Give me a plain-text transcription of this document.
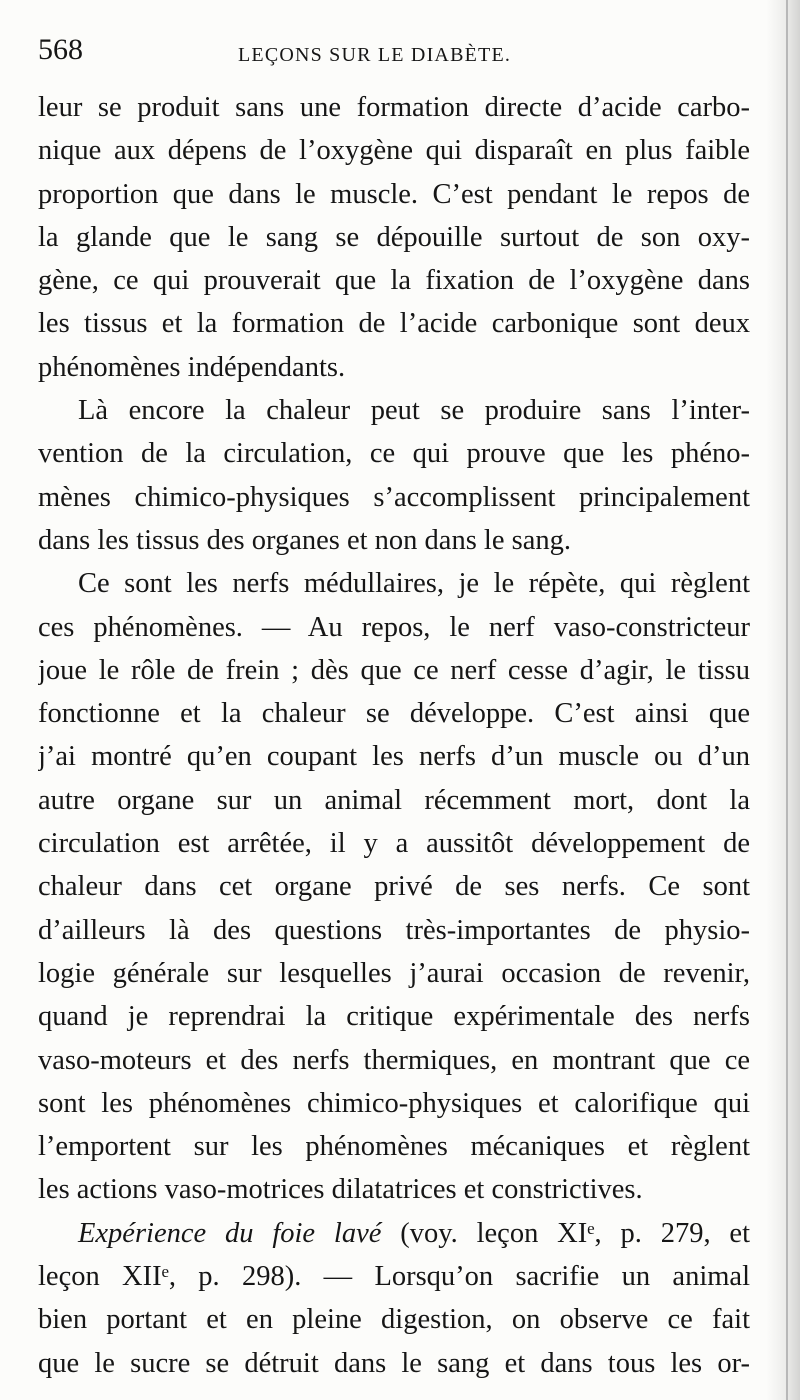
568	LEÇONS SUR LE DIABÈTE.
leur se produit sans une formation directe d’acide carbo-
nique aux dépens de l’oxygène qui disparaît en plus faible
proportion que dans le muscle. C’est pendant le repos de
la glande que le sang se dépouille surtout de son oxy-
gène, ce qui prouverait que la fixation de l’oxygène dans
les tissus et la formation de l’acide carbonique sont deux
phénomènes indépendants.
Là encore la chaleur peut se produire sans l’inter-
vention de la circulation, ce qui prouve que les phéno-
mènes chimico-physiques s’accomplissent principalement
dans les tissus des organes et non dans le sang.
Ce sont les nerfs médullaires, je le répète, qui règlent
ces phénomènes. — Au repos, le nerf vaso-constricteur
joue le rôle de frein ; dès que ce nerf cesse d’agir, le tissu
fonctionne et la chaleur se développe. C’est ainsi que
j’ai montré qu’en coupant les nerfs d’un muscle ou d’un
autre organe sur un animal récemment mort, dont la
circulation est arrêtée, il y a aussitôt développement de
chaleur dans cet organe privé de ses nerfs. Ce sont
d’ailleurs là des questions très-importantes de physio-
logie générale sur lesquelles j’aurai occasion de revenir,
quand je reprendrai la critique expérimentale des nerfs
vaso-moteurs et des nerfs thermiques, en montrant que ce
sont les phénomènes chimico-physiques et calorifique qui
l’emportent sur les phénomènes mécaniques et règlent
les actions vaso-motrices dilatatrices et constrictives.
Expérience du foie lavé (voy. leçon XIᵉ, p. 279, et
leçon XIIᵉ, p. 298). — Lorsqu’on sacrifie un animal
bien portant et en pleine digestion, on observe ce fait
que le sucre se détruit dans le sang et dans tous les or-
